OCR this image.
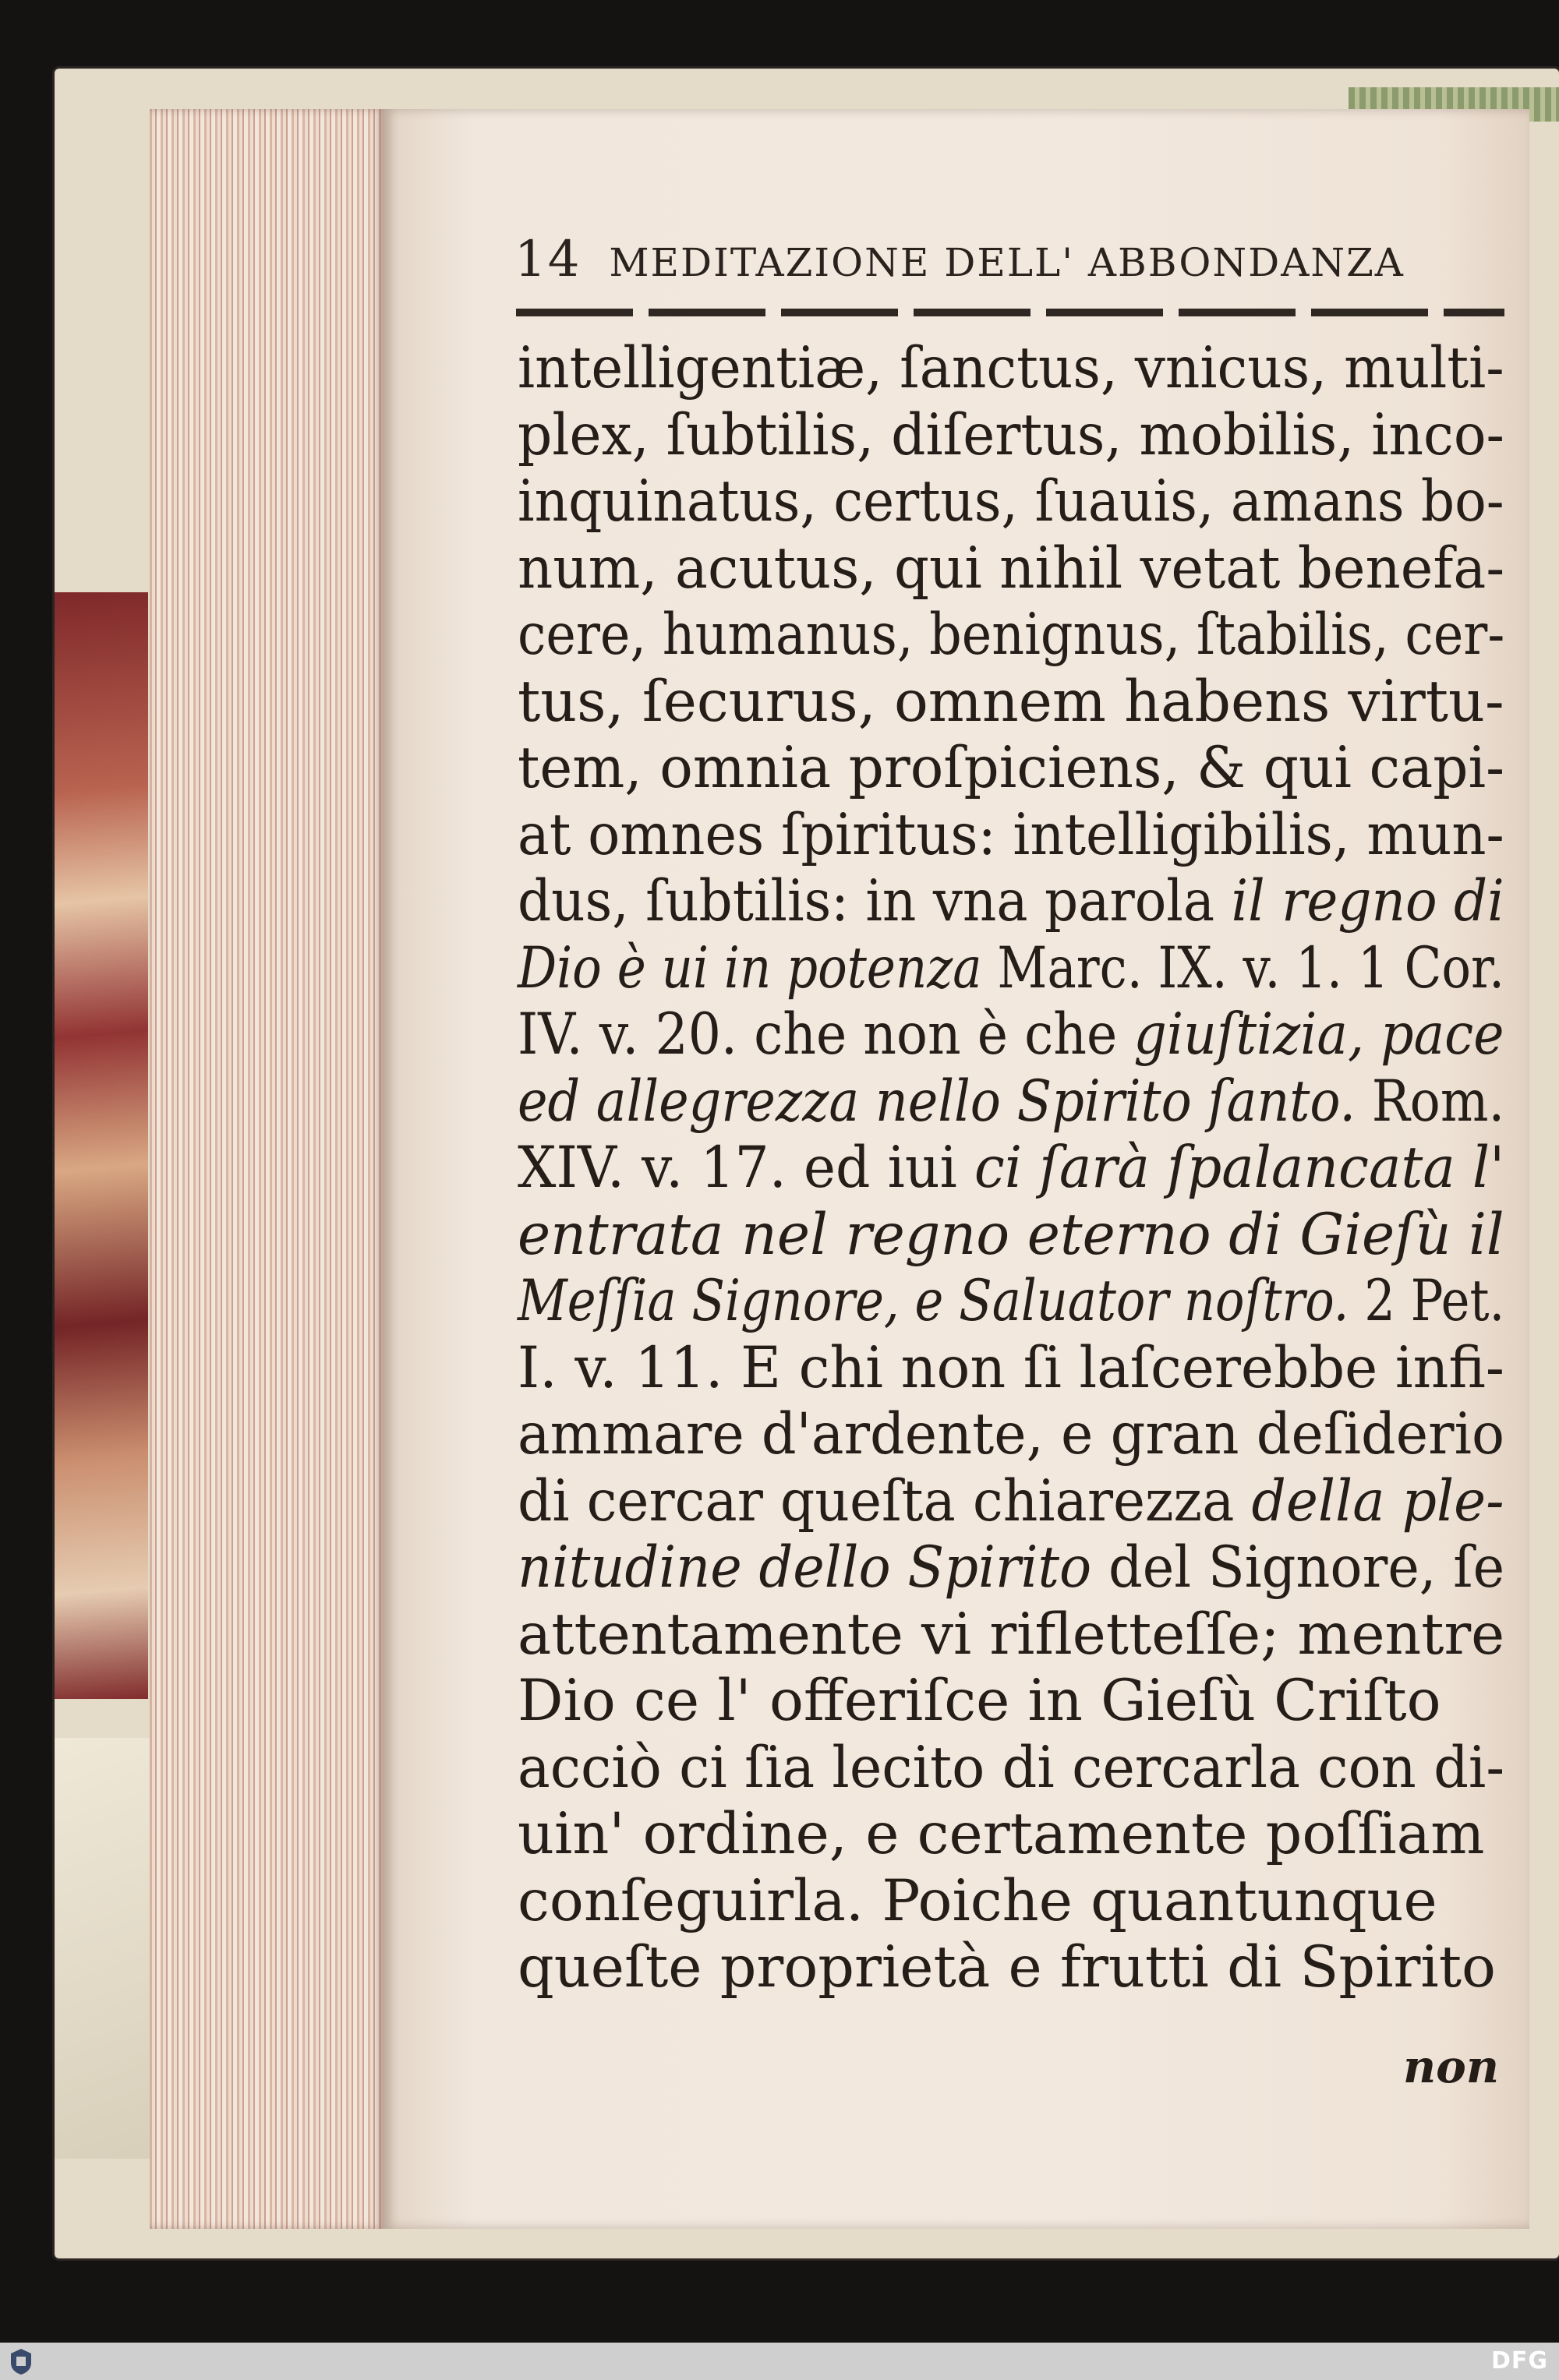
14 MEDITAZIONE DELL' ABBONDANZA
intelligentiæ, ſanctus, vnicus, multi-
plex, ſubtilis, diſertus, mobilis, inco-
inquinatus, certus, ſuauis, amans bo-
num, acutus, qui nihil vetat benefa-
cere, humanus, benignus, ſtabilis, cer-
tus, ſecurus, omnem habens virtu-
tem, omnia proſpiciens, & qui capi-
at omnes ſpiritus: intelligibilis, mun-
dus, ſubtilis: in vna parola il regno di
Dio è ui in potenza Marc. IX. v. 1. 1 Cor.
IV. v. 20. che non è che giuſtizia, pace
ed allegrezza nello Spirito ſanto. Rom.
XIV. v. 17. ed iui ci ſarà ſpalancata l'
entrata nel regno eterno di Gieſù il
Meſſia Signore, e Saluator noſtro. 2 Pet.
I. v. 11. E chi non ſi laſcerebbe infi-
ammare d'ardente, e gran deſiderio
di cercar queſta chiarezza della ple-
nitudine dello Spirito del Signore, ſe
attentamente vi rifletteſſe; mentre
Dio ce l' offeriſce in Gieſù Criſto
acciò ci ſia lecito di cercarla con di-
uin' ordine, e certamente poſſiam
conſeguirla. Poiche quantunque
queſte proprietà e frutti di Spirito
non
DFG
